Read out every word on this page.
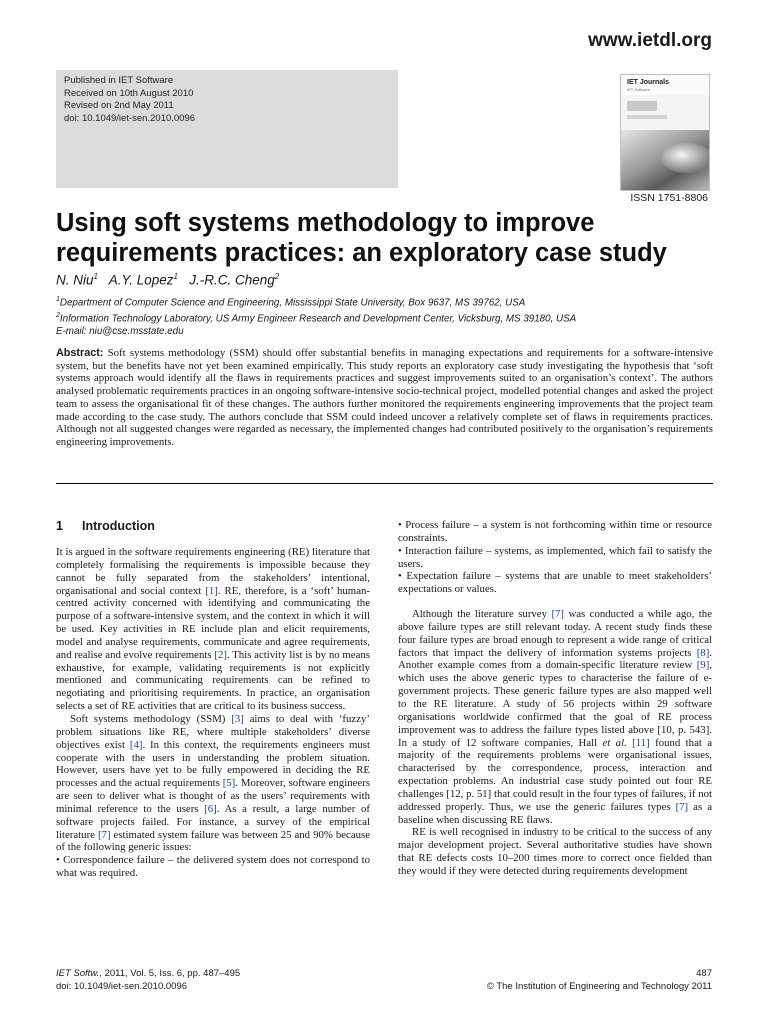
www.ietdl.org
Published in IET Software
Received on 10th August 2010
Revised on 2nd May 2011
doi: 10.1049/iet-sen.2010.0096
IET Journals
IET Software
ISSN 1751-8806
Using soft systems methodology to improve requirements practices: an exploratory case study
N. Niu$^1$ A.Y. Lopez$^1$ J.-R.C. Cheng$^2$
$^1$Department of Computer Science and Engineering, Mississippi State University, Box 9637, MS 39762, USA
$^2$Information Technology Laboratory, US Army Engineer Research and Development Center, Vicksburg, MS 39180, USA
E-mail: niu@cse.msstate.edu
Abstract: Soft systems methodology (SSM) should offer substantial benefits in managing expectations and requirements for a software-intensive system, but the benefits have not yet been examined empirically. This study reports an exploratory case study investigating the hypothesis that ‘soft systems approach would identify all the flaws in requirements practices and suggest improvements suited to an organisation’s context’. The authors analysed problematic requirements practices in an ongoing software-intensive socio-technical project, modelled potential changes and asked the project team to assess the organisational fit of these changes. The authors further monitored the requirements engineering improvements that the project team made according to the case study. The authors conclude that SSM could indeed uncover a relatively complete set of flaws in requirements practices. Although not all suggested changes were regarded as necessary, the implemented changes had contributed positively to the organisation’s requirements engineering improvements.
1 Introduction

It is argued in the software requirements engineering (RE) literature that completely formalising the requirements is impossible because they cannot be fully separated from the stakeholders’ intentional, organisational and social context [1]. RE, therefore, is a ‘soft’ human-centred activity concerned with identifying and communicating the purpose of a software-intensive system, and the context in which it will be used. Key activities in RE include plan and elicit requirements, model and analyse requirements, communicate and agree requirements, and realise and evolve requirements [2]. This activity list is by no means exhaustive, for example, validating requirements is not explicitly mentioned and communicating requirements can be refined to negotiating and prioritising requirements. In practice, an organisation selects a set of RE activities that are critical to its business success.

Soft systems methodology (SSM) [3] aims to deal with ‘fuzzy’ problem situations like RE, where multiple stakeholders’ diverse objectives exist [4]. In this context, the requirements engineers must cooperate with the users in understanding the problem situation. However, users have yet to be fully empowered in deciding the RE processes and the actual requirements [5]. Moreover, software engineers are seen to deliver what is thought of as the users’ requirements with minimal reference to the users [6]. As a result, a large number of software projects failed. For instance, a survey of the empirical literature [7] estimated system failure was between 25 and 90% because of the following generic issues:

• Correspondence failure – the delivered system does not correspond to what was required.

• Process failure – a system is not forthcoming within time or resource constraints.

• Interaction failure – systems, as implemented, which fail to satisfy the users.

• Expectation failure – systems that are unable to meet stakeholders’ expectations or values.

Although the literature survey [7] was conducted a while ago, the above failure types are still relevant today. A recent study finds these four failure types are broad enough to represent a wide range of critical factors that impact the delivery of information systems projects [8]. Another example comes from a domain-specific literature review [9], which uses the above generic types to characterise the failure of e-government projects. These generic failure types are also mapped well to the RE literature. A study of 56 projects within 29 software organisations worldwide confirmed that the goal of RE process improvement was to address the failure types listed above [10, p. 543]. In a study of 12 software companies, Hall et al. [11] found that a majority of the requirements problems were organisational issues, characterised by the correspondence, process, interaction and expectation problems. An industrial case study pointed out four RE challenges [12, p. 51] that could result in the four types of failures, if not addressed properly. Thus, we use the generic failures types [7] as a baseline when discussing RE flaws.

RE is well recognised in industry to be critical to the success of any major development project. Several authoritative studies have shown that RE defects costs 10–200 times more to correct once fielded than they would if they were detected during requirements development

IET Softw., 2011, Vol. 5, Iss. 6, pp. 487–495
doi: 10.1049/iet-sen.2010.0096
487
© The Institution of Engineering and Technology 2011
